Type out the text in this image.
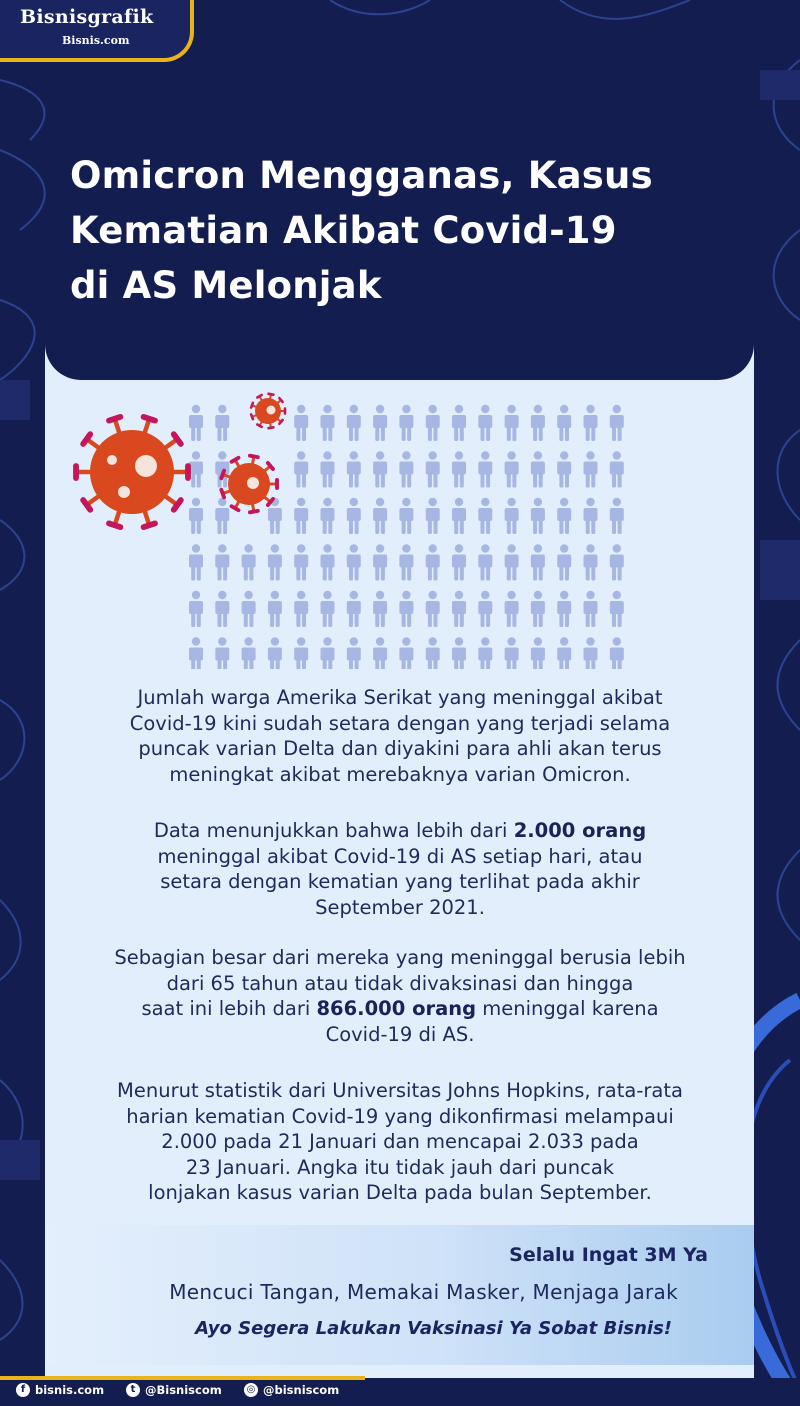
Bisnisgrafik
Bisnis.com
Omicron Mengganas, Kasus
Kematian Akibat Covid-19
di AS Melonjak
Jumlah warga Amerika Serikat yang meninggal akibat
Covid-19 kini sudah setara dengan yang terjadi selama
puncak varian Delta dan diyakini para ahli akan terus
meningkat akibat merebaknya varian Omicron.
Data menunjukkan bahwa lebih dari 2.000 orang
meninggal akibat Covid-19 di AS setiap hari, atau
setara dengan kematian yang terlihat pada akhir
September 2021.
Sebagian besar dari mereka yang meninggal berusia lebih
dari 65 tahun atau tidak divaksinasi dan hingga
saat ini lebih dari 866.000 orang meninggal karena
Covid-19 di AS.
Menurut statistik dari Universitas Johns Hopkins, rata-rata
harian kematian Covid-19 yang dikonfirmasi melampaui
2.000 pada 21 Januari dan mencapai 2.033 pada
23 Januari. Angka itu tidak jauh dari puncak
lonjakan kasus varian Delta pada bulan September.
Selalu Ingat 3M Ya
Mencuci Tangan, Memakai Masker, Menjaga Jarak
Ayo Segera Lakukan Vaksinasi Ya Sobat Bisnis!
f bisnis.com	t @Bisniscom ◎ @bisniscom
